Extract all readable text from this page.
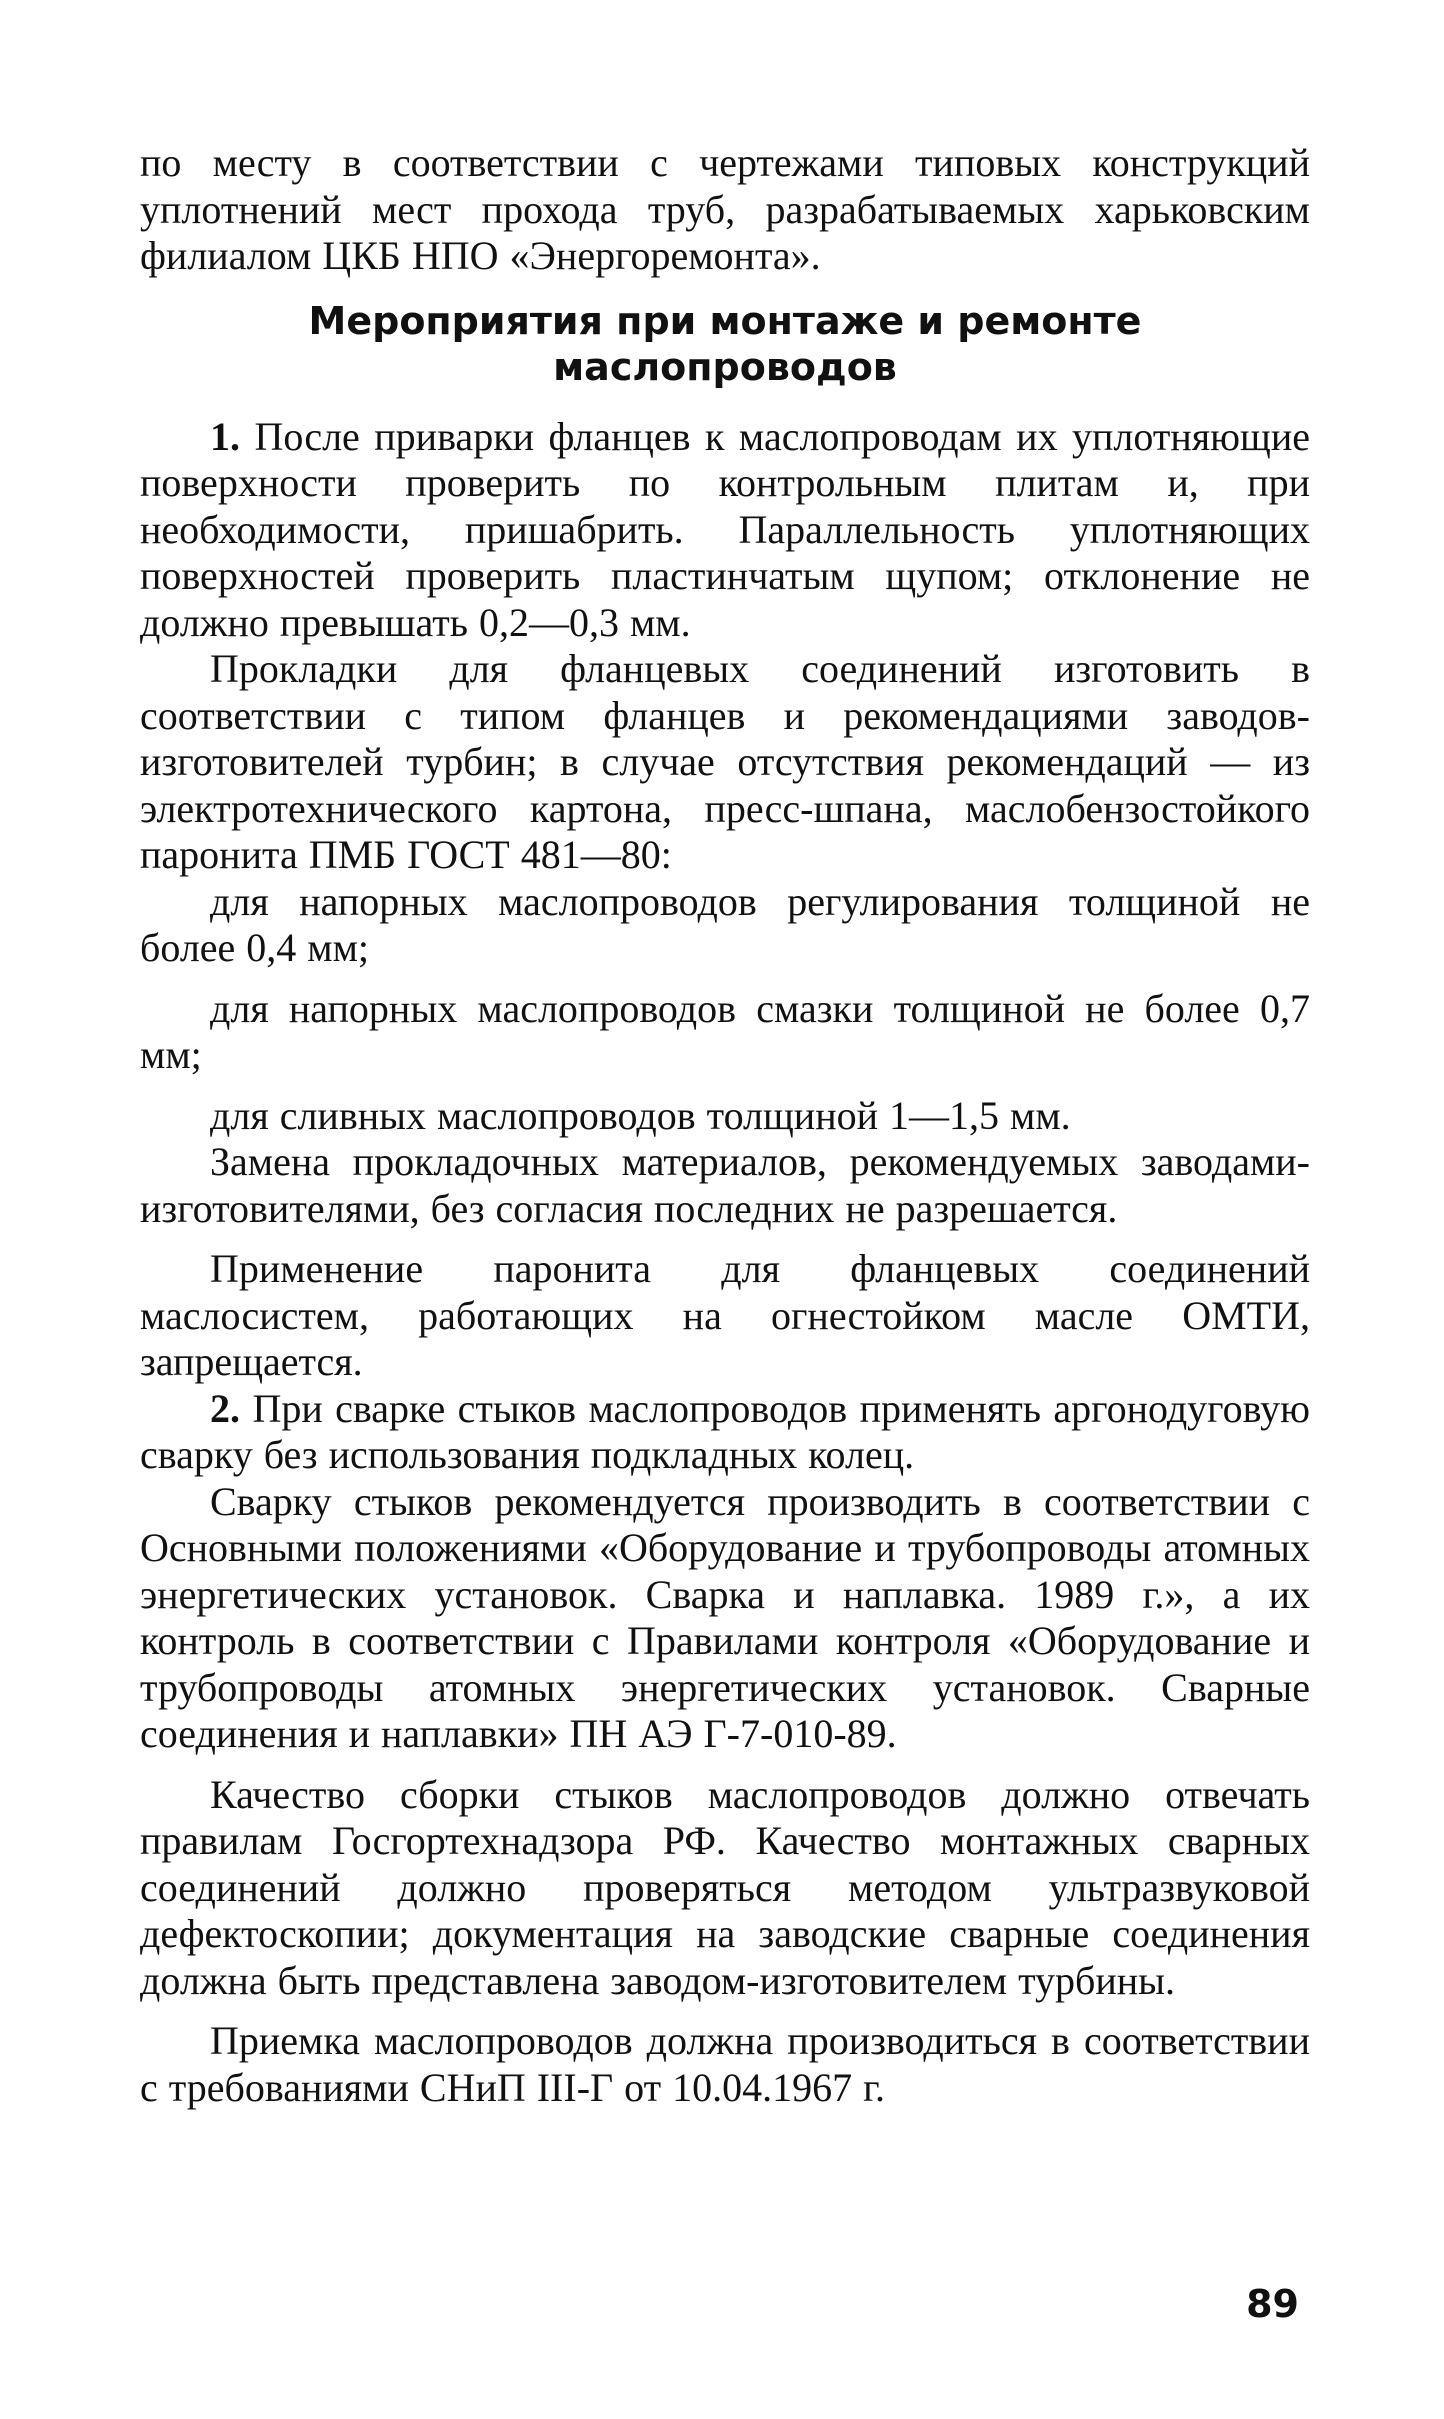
по месту в соответствии с чертежами типовых конструкций уплотнений мест прохода труб, разрабатываемых харьковским филиалом ЦКБ НПО «Энергоремонта».

Мероприятия при монтаже и ремонте
маслопроводов

1. После приварки фланцев к маслопроводам их уплотняющие поверхности проверить по контрольным плитам и, при необходимости, пришабрить. Параллельность уплотняющих поверхностей проверить пластинчатым щупом; отклонение не должно превышать 0,2—0,3 мм.

Прокладки для фланцевых соединений изготовить в соответствии с типом фланцев и рекомендациями заводов-изготовителей турбин; в случае отсутствия рекомендаций — из электротехнического картона, пресс-шпана, маслобензостойкого паронита ПМБ ГОСТ 481—80:

для напорных маслопроводов регулирования толщиной не более 0,4 мм;

для напорных маслопроводов смазки толщиной не более 0,7 мм;

для сливных маслопроводов толщиной 1—1,5 мм.

Замена прокладочных материалов, рекомендуемых заводами-изготовителями, без согласия последних не разрешается.

Применение паронита для фланцевых соединений маслосистем, работающих на огнестойком масле ОМТИ, запрещается.

2. При сварке стыков маслопроводов применять аргонодуговую сварку без использования подкладных колец.

Сварку стыков рекомендуется производить в соответствии с Основными положениями «Оборудование и трубопроводы атомных энергетических установок. Сварка и наплавка. 1989 г.», а их контроль в соответствии с Правилами контроля «Оборудование и трубопроводы атомных энергетических установок. Сварные соединения и наплавки» ПН АЭ Г-7-010-89.

Качество сборки стыков маслопроводов должно отвечать правилам Госгортехнадзора РФ. Качество монтажных сварных соединений должно проверяться методом ультразвуковой дефектоскопии; документация на заводские сварные соединения должна быть представлена заводом-изготовителем турбины.

Приемка маслопроводов должна производиться в соответствии с требованиями СНиП III-Г от 10.04.1967 г.

89
